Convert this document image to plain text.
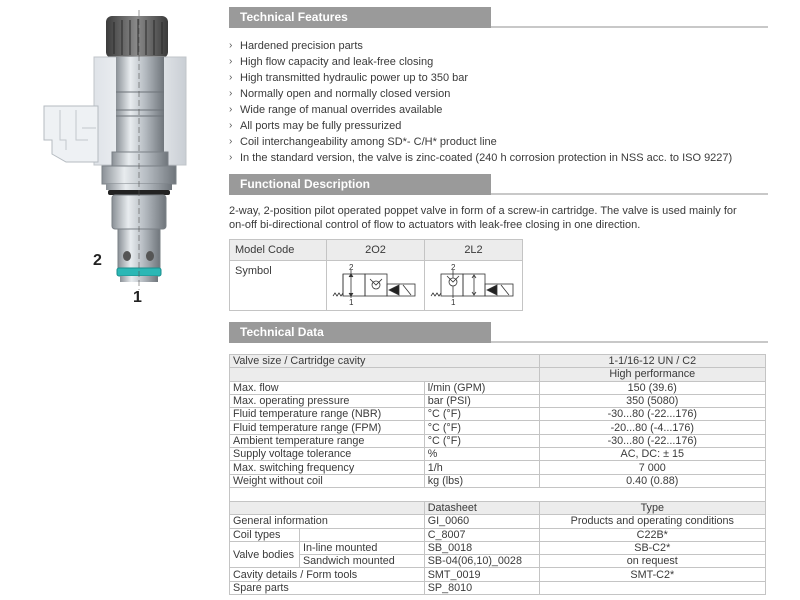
2
1
Technical Features
› Hardened precision parts
› High flow capacity and leak-free closing
› High transmitted hydraulic power up to 350 bar
› Normally open and normally closed version
› Wide range of manual overrides available
› All ports may be fully pressurized
› Coil interchangeability among SD*- C/H* product line
› In the standard version, the valve is zinc-coated (240 h corrosion protection in NSS acc. to ISO 9227)
Functional Description
2-way, 2-position pilot operated poppet valve in form of a screw-in cartridge. The valve is used mainly for
on-off bi-directional control of flow to actuators with leak-free closing in one direction.
Model Code	2O2	2L2
Symbol	2
1	2
1
Technical Data
Valve size / Cartridge cavity			1-1/16-12 UN / C2
			High performance
Max. flow		l/min (GPM)	150 (39.6)
Max. operating pressure		bar (PSI)	350 (5080)
Fluid temperature range (NBR)		°C (°F)	-30...80 (-22...176)
Fluid temperature range (FPM)		°C (°F)	-20...80 (-4...176)
Ambient temperature range		°C (°F)	-30...80 (-22...176)
Supply voltage tolerance		%	AC, DC: ± 15
Max. switching frequency		1/h	7 000
Weight without coil		kg (lbs)	0.40 (0.88)

		Datasheet	Type
General information		GI_0060	Products and operating conditions
Coil types		C_8007	C22B*
Valve bodies	In-line mounted	SB_0018	SB-C2*
	Sandwich mounted	SB-04(06,10)_0028	on request
Cavity details / Form tools		SMT_0019	SMT-C2*
Spare parts		SP_8010	
